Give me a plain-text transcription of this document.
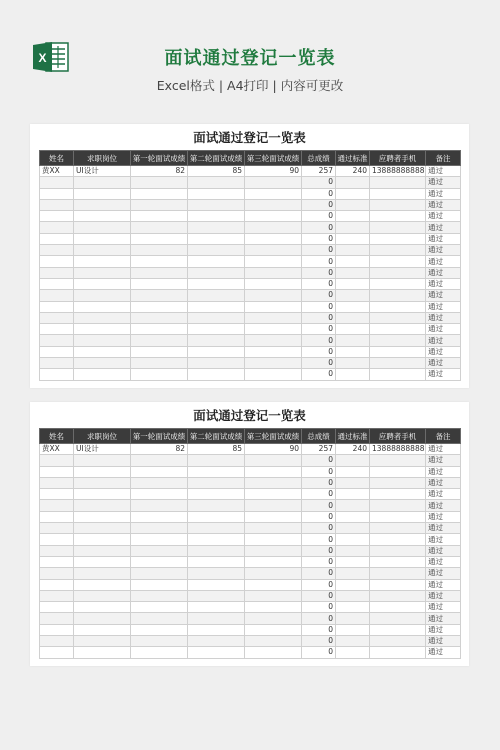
X	面试通过登记一览表
Excel格式 | A4打印 | 内容可更改
面试通过登记一览表
姓名	求职岗位	第一轮面试成绩	第二轮面试成绩	第三轮面试成绩	总成绩	通过标准	应聘者手机	备注
黄XX	UI设计	82	85	90	257	240	13888888888	通过
					0			通过
					0			通过
					0			通过
					0			通过
					0			通过
					0			通过
					0			通过
					0			通过
					0			通过
					0			通过
					0			通过
					0			通过
					0			通过
					0			通过
					0			通过
					0			通过
					0			通过
					0			通过
面试通过登记一览表
姓名	求职岗位	第一轮面试成绩	第二轮面试成绩	第三轮面试成绩	总成绩	通过标准	应聘者手机	备注
黄XX	UI设计	82	85	90	257	240	13888888888	通过
					0			通过
					0			通过
					0			通过
					0			通过
					0			通过
					0			通过
					0			通过
					0			通过
					0			通过
					0			通过
					0			通过
					0			通过
					0			通过
					0			通过
					0			通过
					0			通过
					0			通过
					0			通过
